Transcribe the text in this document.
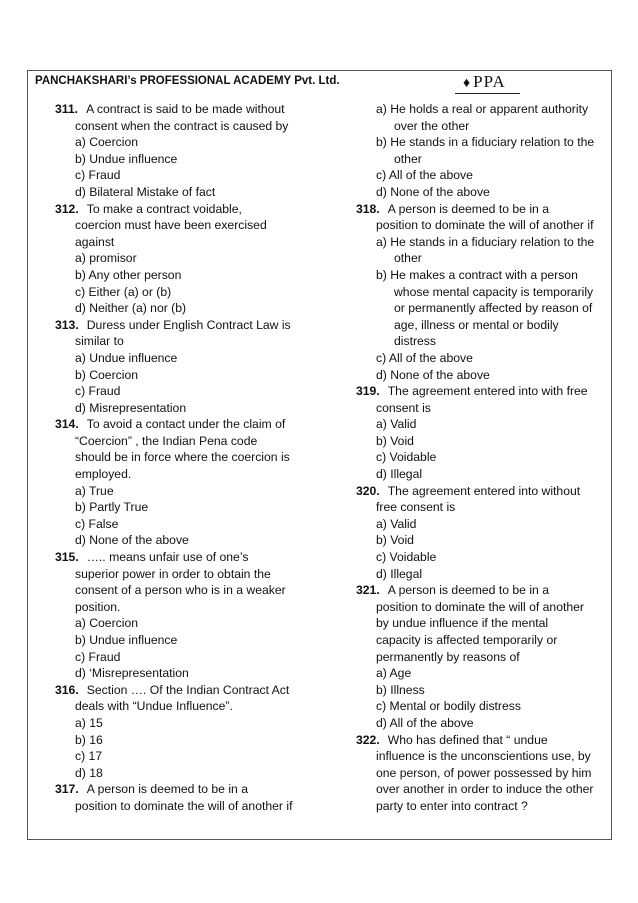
PANCHAKSHARI’s PROFESSIONAL ACADEMY Pvt. Ltd.	♦ PPA
311. A contract is said to be made without
consent when the contract is caused by
a) Coercion
b) Undue influence
c) Fraud
d) Bilateral Mistake of fact
312. To make a contract voidable,
coercion must have been exercised
against
a) promisor
b) Any other person
c) Either (a) or (b)
d) Neither (a) nor (b)
313. Duress under English Contract Law is
similar to
a) Undue influence
b) Coercion
c) Fraud
d) Misrepresentation
314. To avoid a contact under the claim of
“Coercion” , the Indian Pena code
should be in force where the coercion is
employed.
a) True
b) Partly True
c) False
d) None of the above
315. ….. means unfair use of one’s
superior power in order to obtain the
consent of a person who is in a weaker
position.
a) Coercion
b) Undue influence
c) Fraud
d) ‘Misrepresentation
316. Section …. Of the Indian Contract Act
deals with “Undue Influence”.
a) 15
b) 16
c) 17
d) 18
317. A person is deemed to be in a
position to dominate the will of another if
a) He holds a real or apparent authority
over the other
b) He stands in a fiduciary relation to the
other
c) All of the above
d) None of the above
318. A person is deemed to be in a
position to dominate the will of another if
a) He stands in a fiduciary relation to the
other
b) He makes a contract with a person
whose mental capacity is temporarily
or permanently affected by reason of
age, illness or mental or bodily
distress
c) All of the above
d) None of the above
319. The agreement entered into with free
consent is
a) Valid
b) Void
c) Voidable
d) Illegal
320. The agreement entered into without
free consent is
a) Valid
b) Void
c) Voidable
d) Illegal
321. A person is deemed to be in a
position to dominate the will of another
by undue influence if the mental
capacity is affected temporarily or
permanently by reasons of
a) Age
b) Illness
c) Mental or bodily distress
d) All of the above
322. Who has defined that “ undue
influence is the unconscientions use, by
one person, of power possessed by him
over another in order to induce the other
party to enter into contract ?
